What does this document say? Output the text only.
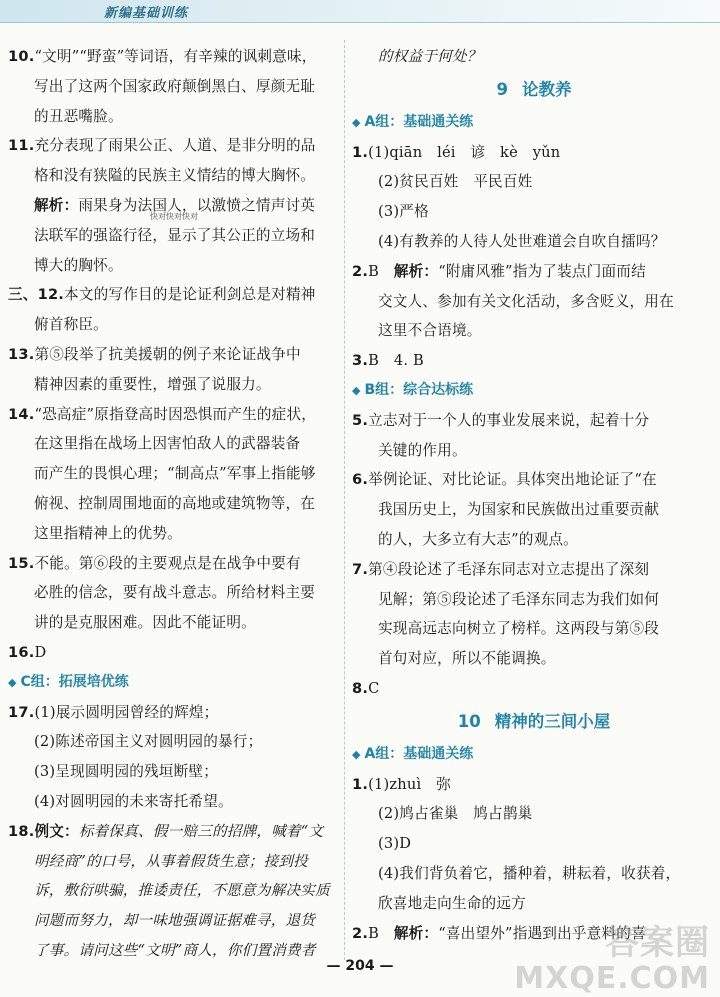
新编基础训练
10.“文明”“野蛮”等词语，有辛辣的讽刺意味，
写出了这两个国家政府颠倒黑白、厚颜无耻
的丑恶嘴脸。
11.充分表现了雨果公正、人道、是非分明的品
格和没有狭隘的民族主义情结的博大胸怀。
解析：雨果身为法国人，以激愤之情声讨英
法联军的强盗行径，显示了其公正的立场和
博大的胸怀。
三、12.本文的写作目的是论证利剑总是对精神
俯首称臣。
13.第⑤段举了抗美援朝的例子来论证战争中
精神因素的重要性，增强了说服力。
14.“恐高症”原指登高时因恐惧而产生的症状，
在这里指在战场上因害怕敌人的武器装备
而产生的畏惧心理；“制高点”军事上指能够
俯视、控制周围地面的高地或建筑物等，在
这里指精神上的优势。
15.不能。第⑥段的主要观点是在战争中要有
必胜的信念，要有战斗意志。所给材料主要
讲的是克服困难。因此不能证明。
16.D
◆ C组：拓展培优练
17.(1)展示圆明园曾经的辉煌；
(2)陈述帝国主义对圆明园的暴行；
(3)呈现圆明园的残垣断壁；
(4)对圆明园的未来寄托希望。
18.例文：标着保真、假一赔三的招牌，喊着“文
明经商”的口号，从事着假货生意；接到投
诉，敷衍哄骗，推诿责任，不愿意为解决实质
问题而努力，却一味地强调证据难寻，退货
了事。请问这些“文明”商人，你们置消费者
的权益于何处？
9 论教养
◆ A组：基础通关练
1.(1)qiān　léi　谚　kè　yǔn
(2)贫民百姓　平民百姓
(3)严格
(4)有教养的人待人处世难道会自吹自擂吗？
2.B　解析：“附庸风雅”指为了装点门面而结
交文人、参加有关文化活动，多含贬义，用在
这里不合语境。
3.B　4. B
◆ B组：综合达标练
5.立志对于一个人的事业发展来说，起着十分
关键的作用。
6.举例论证、对比论证。具体突出地论证了“在
我国历史上，为国家和民族做出过重要贡献
的人，大多立有大志”的观点。
7.第④段论述了毛泽东同志对立志提出了深刻
见解；第⑤段论述了毛泽东同志为我们如何
实现高远志向树立了榜样。这两段与第⑤段
首句对应，所以不能调换。
8.C
10 精神的三间小屋
◆ A组：基础通关练
1.(1)zhuì　弥
(2)鸠占雀巢　鸠占鹊巢
(3)D
(4)我们背负着它，播种着，耕耘着，收获着，
欣喜地走向生命的远方
2.B　解析：“喜出望外”指遇到出乎意料的喜
快对快对快对
— 204 —
答案圈
MXQE.COM
